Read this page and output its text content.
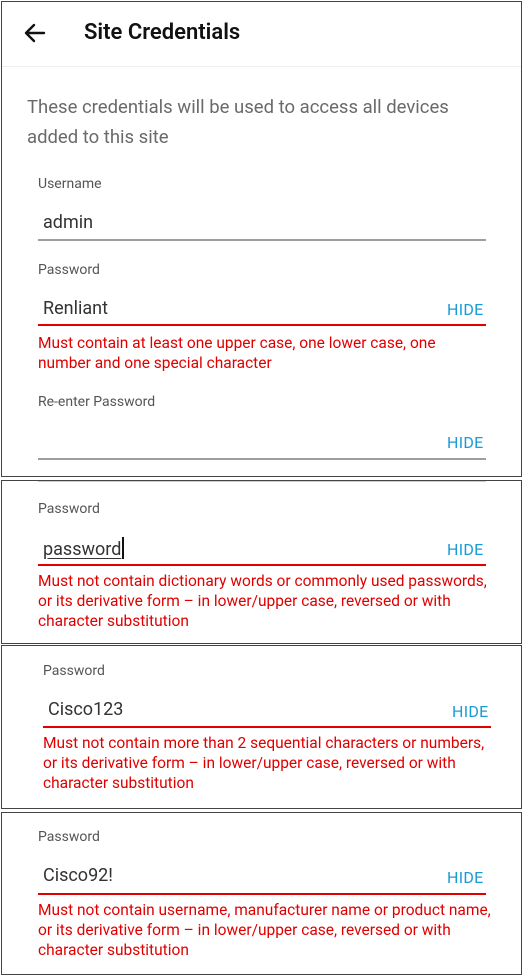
Site Credentials
These credentials will be used to access all devices added to this site
Username
admin
Password
Renliant	HIDE
Must contain at least one upper case, one lower case, one number and one special character
Re-enter Password
HIDE
Password
password	HIDE
Must not contain dictionary words or commonly used passwords, or its derivative form – in lower/upper case, reversed or with character substitution
Password
Cisco123	HIDE
Must not contain more than 2 sequential characters or numbers, or its derivative form – in lower/upper case, reversed or with character substitution
Password
Cisco92!	HIDE
Must not contain username, manufacturer name or product name, or its derivative form – in lower/upper case, reversed or with character substitution
